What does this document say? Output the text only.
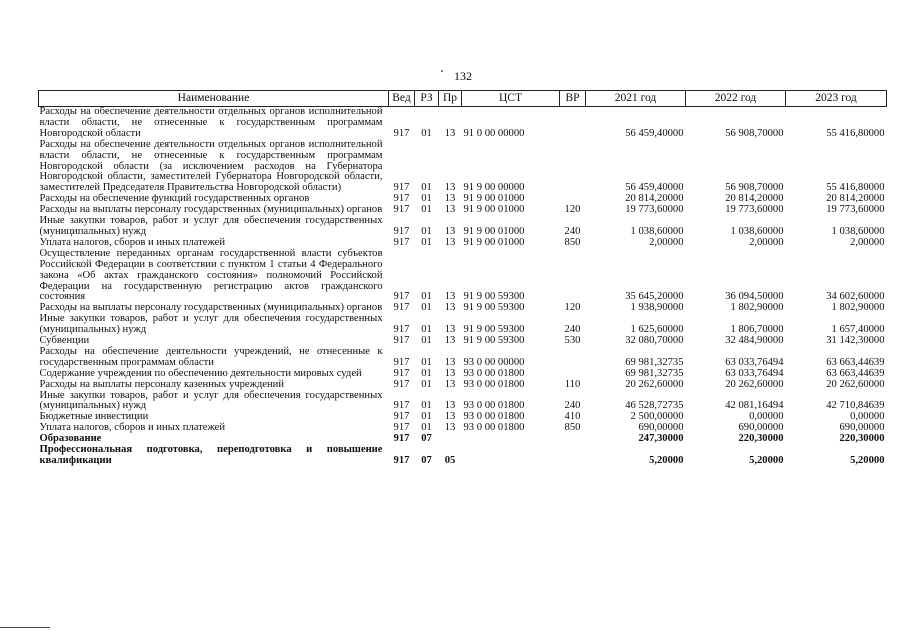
132
Наименование	Вед	РЗ	Пр	ЦСТ	ВР	2021 год	2022 год	2023 год
Расходы на обеспечение деятельности отдельных органов исполнительной власти области, не отнесенные к государственным программам Новгородской области	917	01	13	91 0 00 00000		56 459,40000	56 908,70000	55 416,80000
Расходы на обеспечение деятельности отдельных органов исполнительной власти области, не отнесенные к государственным программам Новгородской области (за исключением расходов на Губернатора Новгородской области, заместителей Губернатора Новгородской области, заместителей Председателя Правительства Новгородской области)	917	01	13	91 9 00 00000		56 459,40000	56 908,70000	55 416,80000
Расходы на обеспечение функций государственных органов	917	01	13	91 9 00 01000		20 814,20000	20 814,20000	20 814,20000
Расходы на выплаты персоналу государственных (муниципальных) органов	917	01	13	91 9 00 01000	120	19 773,60000	19 773,60000	19 773,60000
Иные закупки товаров, работ и услуг для обеспечения государственных (муниципальных) нужд	917	01	13	91 9 00 01000	240	1 038,60000	1 038,60000	1 038,60000
Уплата налогов, сборов и иных платежей	917	01	13	91 9 00 01000	850	2,00000	2,00000	2,00000
Осуществление переданных органам государственной власти субъектов Российской Федерации в соответствии с пунктом 1 статьи 4 Федерального закона «Об актах гражданского состояния» полномочий Российской Федерации на государственную регистрацию актов гражданского состояния	917	01	13	91 9 00 59300		35 645,20000	36 094,50000	34 602,60000
Расходы на выплаты персоналу государственных (муниципальных) органов	917	01	13	91 9 00 59300	120	1 938,90000	1 802,90000	1 802,90000
Иные закупки товаров, работ и услуг для обеспечения государственных (муниципальных) нужд	917	01	13	91 9 00 59300	240	1 625,60000	1 806,70000	1 657,40000
Субвенции	917	01	13	91 9 00 59300	530	32 080,70000	32 484,90000	31 142,30000
Расходы на обеспечение деятельности учреждений, не отнесенные к государственным программам области	917	01	13	93 0 00 00000		69 981,32735	63 033,76494	63 663,44639
Содержание учреждения по обеспечению деятельности мировых судей	917	01	13	93 0 00 01800		69 981,32735	63 033,76494	63 663,44639
Расходы на выплаты персоналу казенных учреждений	917	01	13	93 0 00 01800	110	20 262,60000	20 262,60000	20 262,60000
Иные закупки товаров, работ и услуг для обеспечения государственных (муниципальных) нужд	917	01	13	93 0 00 01800	240	46 528,72735	42 081,16494	42 710,84639
Бюджетные инвестиции	917	01	13	93 0 00 01800	410	2 500,00000	0,00000	0,00000
Уплата налогов, сборов и иных платежей	917	01	13	93 0 00 01800	850	690,00000	690,00000	690,00000
Образование	917	07				247,30000	220,30000	220,30000
Профессиональная подготовка, переподготовка и повышение квалификации	917	07	05			5,20000	5,20000	5,20000
